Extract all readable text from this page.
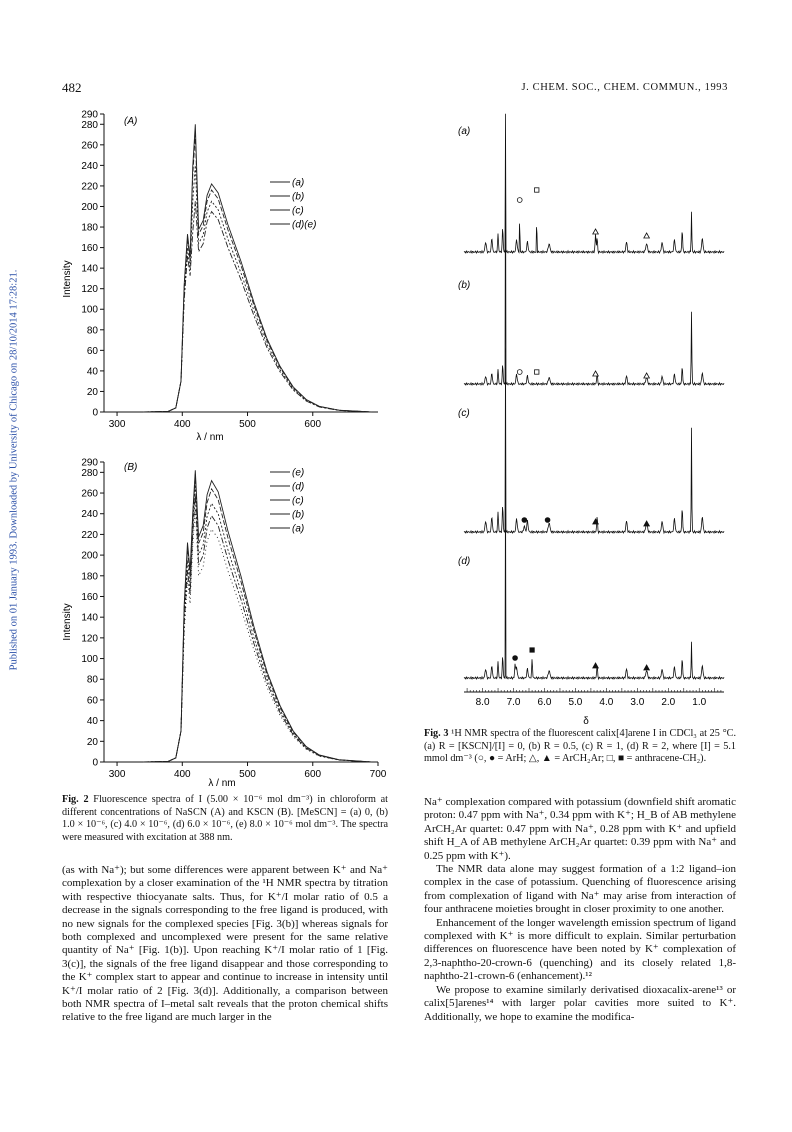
482	J. CHEM. SOC., CHEM. COMMUN., 1993
Published on 01 January 1993. Downloaded by University of Chicago on 28/10/2014 17:28:21.	0
20
40
60
80
100
120
140
160
180
200
220
240
260
280
290
300	400	500	600
(a)
(b)
(c)
(d)(e)
(A)
λ / nm
Intensity
0
20
40
60
80
100
120
140
160
180
200
220
240
260
280
290
300	400	500	600	700
(e)
(d)
(c)
(b)
(a)
(B)
λ / nm
Intensity
8.0 7.0 6.0 5.0 4.0 3.0 2.0 1.0
(a)
(b)
(c)
(d)
δ
Fig. 2 Fluorescence spectra of I (5.00 × 10⁻⁶ mol dm⁻³) in chloroform at different concentrations of NaSCN (A) and KSCN (B). [MeSCN] = (a) 0, (b) 1.0 × 10⁻⁶, (c) 4.0 × 10⁻⁶, (d) 6.0 × 10⁻⁶, (e) 8.0 × 10⁻⁶ mol dm⁻³. The spectra were measured with excitation at 388 nm.
Fig. 3 ¹H NMR spectra of the fluorescent calix[4]arene I in CDCl₃ at 25 °C. (a) R = [KSCN]/[I] = 0, (b) R = 0.5, (c) R = 1, (d) R = 2, where [I] = 5.1 mmol dm⁻³ (○, ● = ArH; △, ▲ = ArCH₂Ar; □, ■ = anthracene-CH₂).

(as with Na⁺); but some differences were apparent between K⁺ and Na⁺ complexation by a closer examination of the ¹H NMR spectra by titration with respective thiocyanate salts. Thus, for K⁺/I molar ratio of 0.5 a decrease in the signals corresponding to the free ligand is produced, with no new signals for the complexed species [Fig. 3(b)] whereas signals for both complexed and uncomplexed were present for the same relative quantity of Na⁺ [Fig. 1(b)]. Upon reaching K⁺/I molar ratio of 1 [Fig. 3(c)], the signals of the free ligand disappear and those corresponding to the K⁺ complex start to appear and continue to increase in intensity until K⁺/I molar ratio of 2 [Fig. 3(d)]. Additionally, a comparison between both NMR spectra of I–metal salt reveals that the proton chemical shifts relative to the free ligand are much larger in the

Na⁺ complexation compared with potassium (downfield shift aromatic proton: 0.47 ppm with Na⁺, 0.34 ppm with K⁺; H_B of AB methylene ArCH₂Ar quartet: 0.47 ppm with Na⁺, 0.28 ppm with K⁺ and upfield shift H_A of AB methylene ArCH₂Ar quartet: 0.39 ppm with Na⁺ and 0.25 ppm with K⁺).

The NMR data alone may suggest formation of a 1:2 ligand–ion complex in the case of potassium. Quenching of fluorescence arising from complexation of ligand with Na⁺ may arise from interaction of four anthracene moieties brought in closer proximity to one another.

Enhancement of the longer wavelength emission spectrum of ligand complexed with K⁺ is more difficult to explain. Similar perturbation differences on fluorescence have been noted by K⁺ complexation of 2,3-naphtho-20-crown-6 (quenching) and its closely related 1,8-naphtho-21-crown-6 (enhancement).¹²

We propose to examine similarly derivatised dioxacalix-arene¹³ or calix[5]arenes¹⁴ with larger polar cavities more suited to K⁺. Additionally, we hope to examine the modifica-
